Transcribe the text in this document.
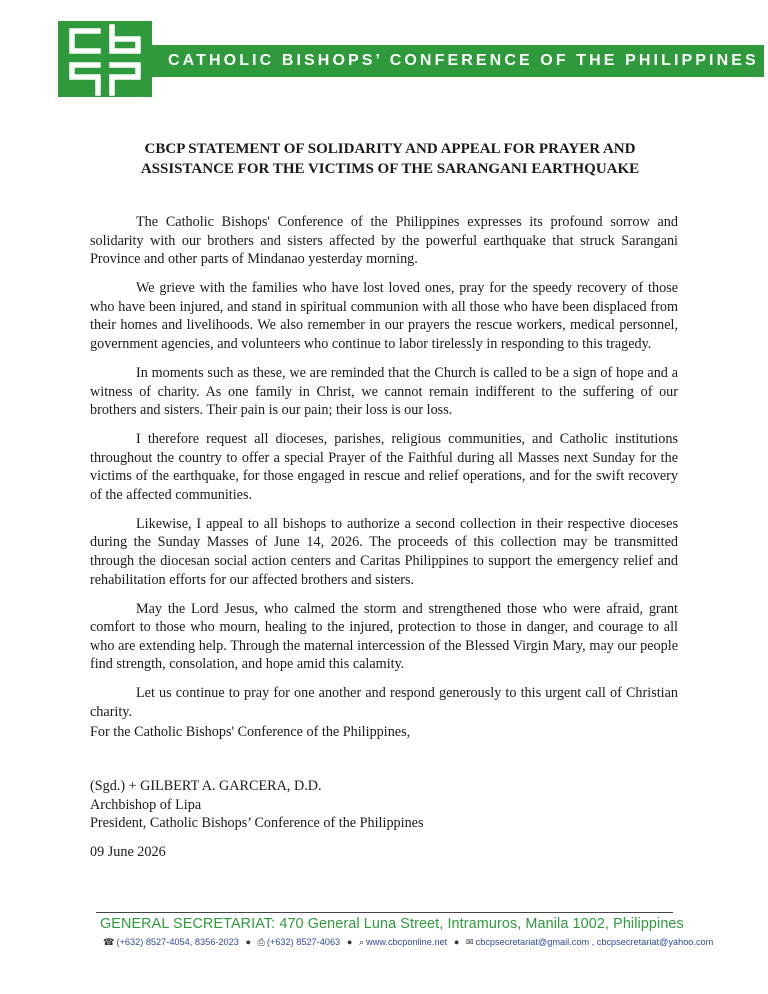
CATHOLIC BISHOPS’ CONFERENCE OF THE PHILIPPINES
CBCP STATEMENT OF SOLIDARITY AND APPEAL FOR PRAYER AND
ASSISTANCE FOR THE VICTIMS OF THE SARANGANI EARTHQUAKE

The Catholic Bishops' Conference of the Philippines expresses its profound sorrow and solidarity with our brothers and sisters affected by the powerful earthquake that struck Sarangani Province and other parts of Mindanao yesterday morning.

We grieve with the families who have lost loved ones, pray for the speedy recovery of those who have been injured, and stand in spiritual communion with all those who have been displaced from their homes and livelihoods. We also remember in our prayers the rescue workers, medical personnel, government agencies, and volunteers who continue to labor tirelessly in responding to this tragedy.

In moments such as these, we are reminded that the Church is called to be a sign of hope and a witness of charity. As one family in Christ, we cannot remain indifferent to the suffering of our brothers and sisters. Their pain is our pain; their loss is our loss.

I therefore request all dioceses, parishes, religious communities, and Catholic institutions throughout the country to offer a special Prayer of the Faithful during all Masses next Sunday for the victims of the earthquake, for those engaged in rescue and relief operations, and for the swift recovery of the affected communities.

Likewise, I appeal to all bishops to authorize a second collection in their respective dioceses during the Sunday Masses of June 14, 2026. The proceeds of this collection may be transmitted through the diocesan social action centers and Caritas Philippines to support the emergency relief and rehabilitation efforts for our affected brothers and sisters.

May the Lord Jesus, who calmed the storm and strengthened those who were afraid, grant comfort to those who mourn, healing to the injured, protection to those in danger, and courage to all who are extending help. Through the maternal intercession of the Blessed Virgin Mary, may our people find strength, consolation, and hope amid this calamity.

Let us continue to pray for one another and respond generously to this urgent call of Christian charity.

For the Catholic Bishops' Conference of the Philippines,
(Sgd.) + GILBERT A. GARCERA, D.D.
Archbishop of Lipa
President, Catholic Bishops’ Conference of the Philippines
09 June 2026
GENERAL SECRETARIAT: 470 General Luna Street, Intramuros, Manila 1002, Philippines
☎ (+632) 8527-4054, 8356-2023 ● ⎙ (+632) 8527-4063 ● ⌕ www.cbcponline.net ● ✉ cbcpsecretariat@gmail.com , cbcpsecretariat@yahoo.com
